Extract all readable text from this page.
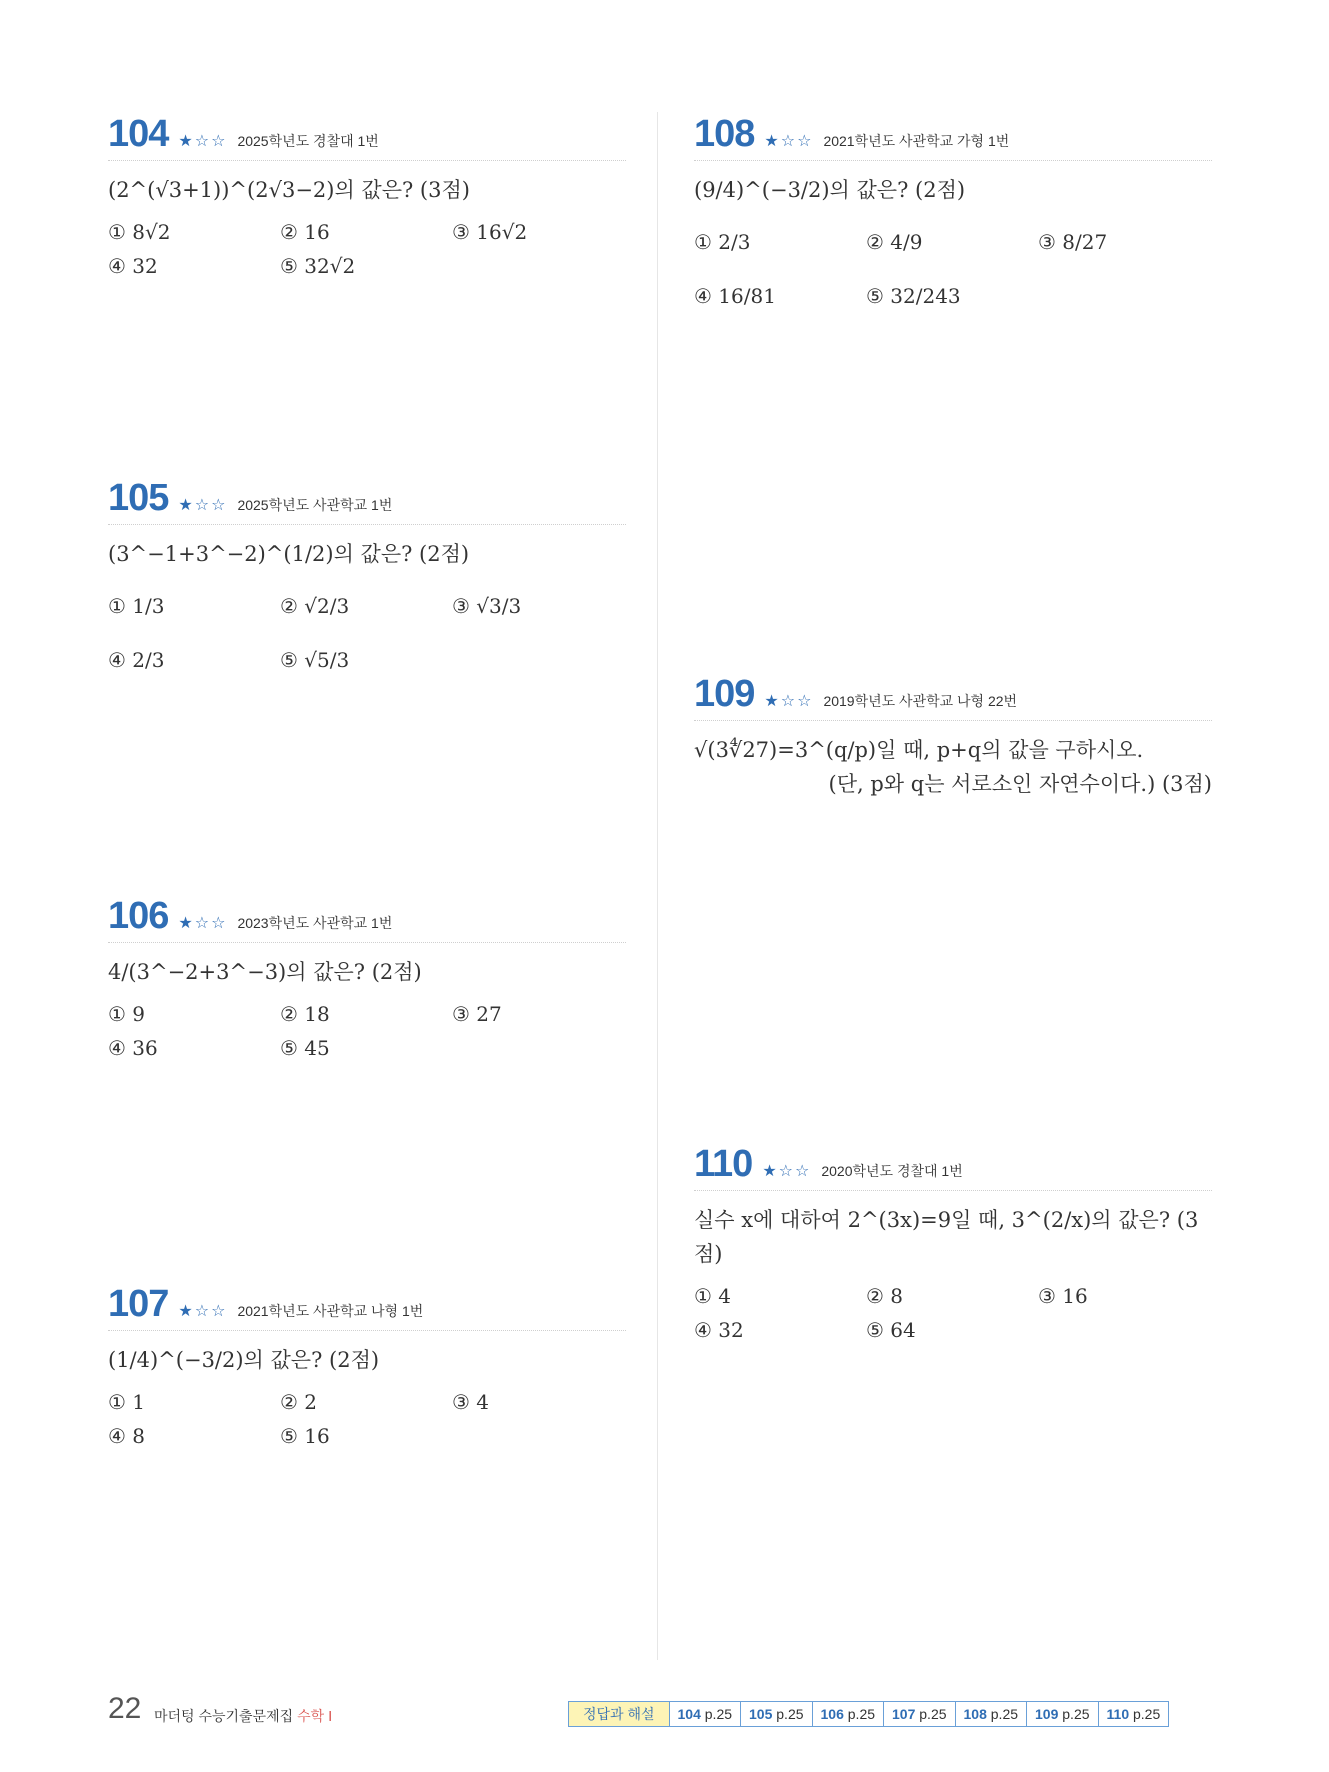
104 ★☆☆ 2025학년도 경찰대 1번
(2^(√3+1))^(2√3−2)의 값은? (3점)
① 8√2	② 16	③ 16√2
④ 32	⑤ 32√2
105 ★☆☆ 2025학년도 사관학교 1번
(3^−1+3^−2)^(1/2)의 값은? (2점)
① 1/3	② √2/3	③ √3/3
④ 2/3	⑤ √5/3
106 ★☆☆ 2023학년도 사관학교 1번
4/(3^−2+3^−3)의 값은? (2점)
① 9	② 18	③ 27
④ 36	⑤ 45
107 ★☆☆ 2021학년도 사관학교 나형 1번
(1/4)^(−3/2)의 값은? (2점)
① 1	② 2	③ 4
④ 8	⑤ 16
108 ★☆☆ 2021학년도 사관학교 가형 1번
(9/4)^(−3/2)의 값은? (2점)
① 2/3	② 4/9	③ 8/27
④ 16/81	⑤ 32/243
109 ★☆☆ 2019학년도 사관학교 나형 22번
√(3∜27)=3^(q/p)일 때, p+q의 값을 구하시오.
(단, p와 q는 서로소인 자연수이다.) (3점)
110 ★☆☆ 2020학년도 경찰대 1번
실수 x에 대하여 2^(3x)=9일 때, 3^(2/x)의 값은? (3점)
① 4	② 8	③ 16
④ 32	⑤ 64
22 마더텅 수능기출문제집 수학 Ⅰ	정답과 해설	104 p.25	105 p.25	106 p.25	107 p.25	108 p.25	109 p.25	110 p.25
